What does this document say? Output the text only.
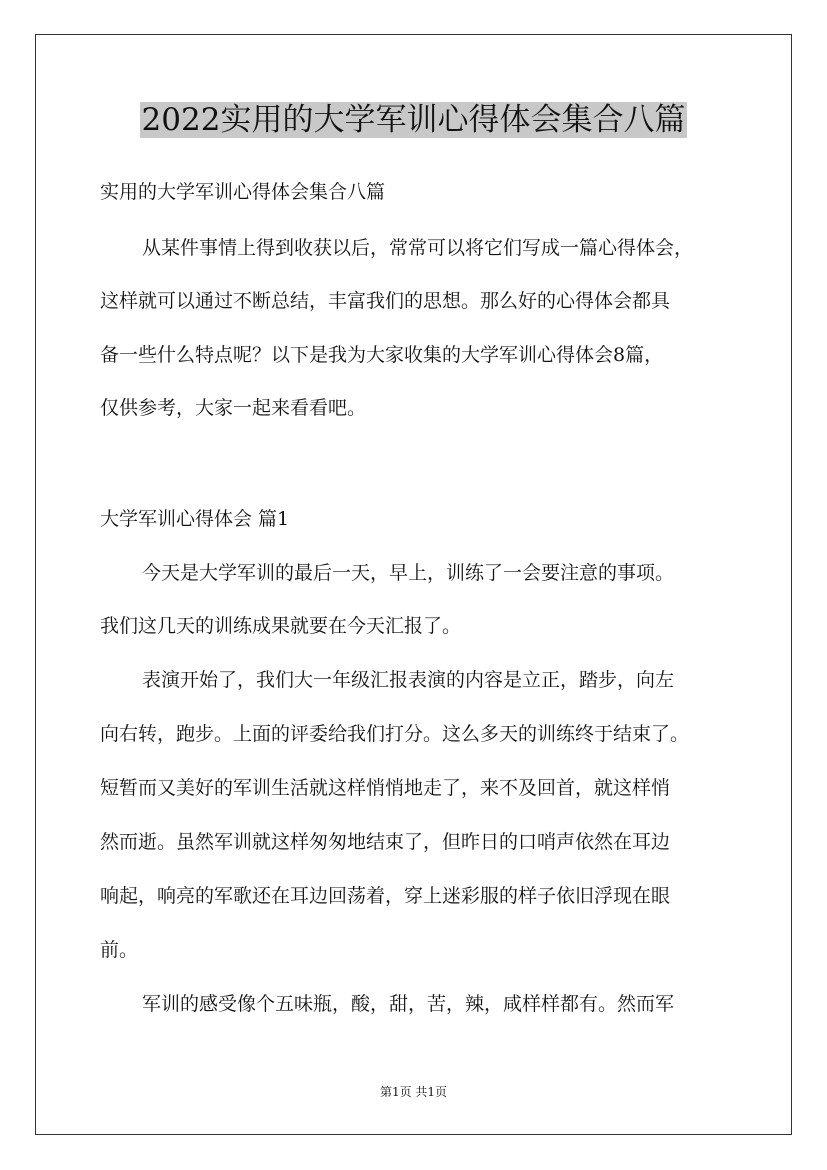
2022实用的大学军训心得体会集合八篇

实用的大学军训心得体会集合八篇

从某件事情上得到收获以后，常常可以将它们写成一篇心得体会，

这样就可以通过不断总结，丰富我们的思想。那么好的心得体会都具

备一些什么特点呢？以下是我为大家收集的大学军训心得体会8篇，

仅供参考，大家一起来看看吧。

大学军训心得体会 篇1

今天是大学军训的最后一天，早上，训练了一会要注意的事项。

我们这几天的训练成果就要在今天汇报了。

表演开始了，我们大一年级汇报表演的内容是立正，踏步，向左

向右转，跑步。上面的评委给我们打分。这么多天的训练终于结束了。

短暂而又美好的军训生活就这样悄悄地走了，来不及回首，就这样悄

然而逝。虽然军训就这样匆匆地结束了，但昨日的口哨声依然在耳边

响起，响亮的军歌还在耳边回荡着，穿上迷彩服的样子依旧浮现在眼

前。

军训的感受像个五味瓶，酸，甜，苦，辣，咸样样都有。然而军

第1页 共1页
